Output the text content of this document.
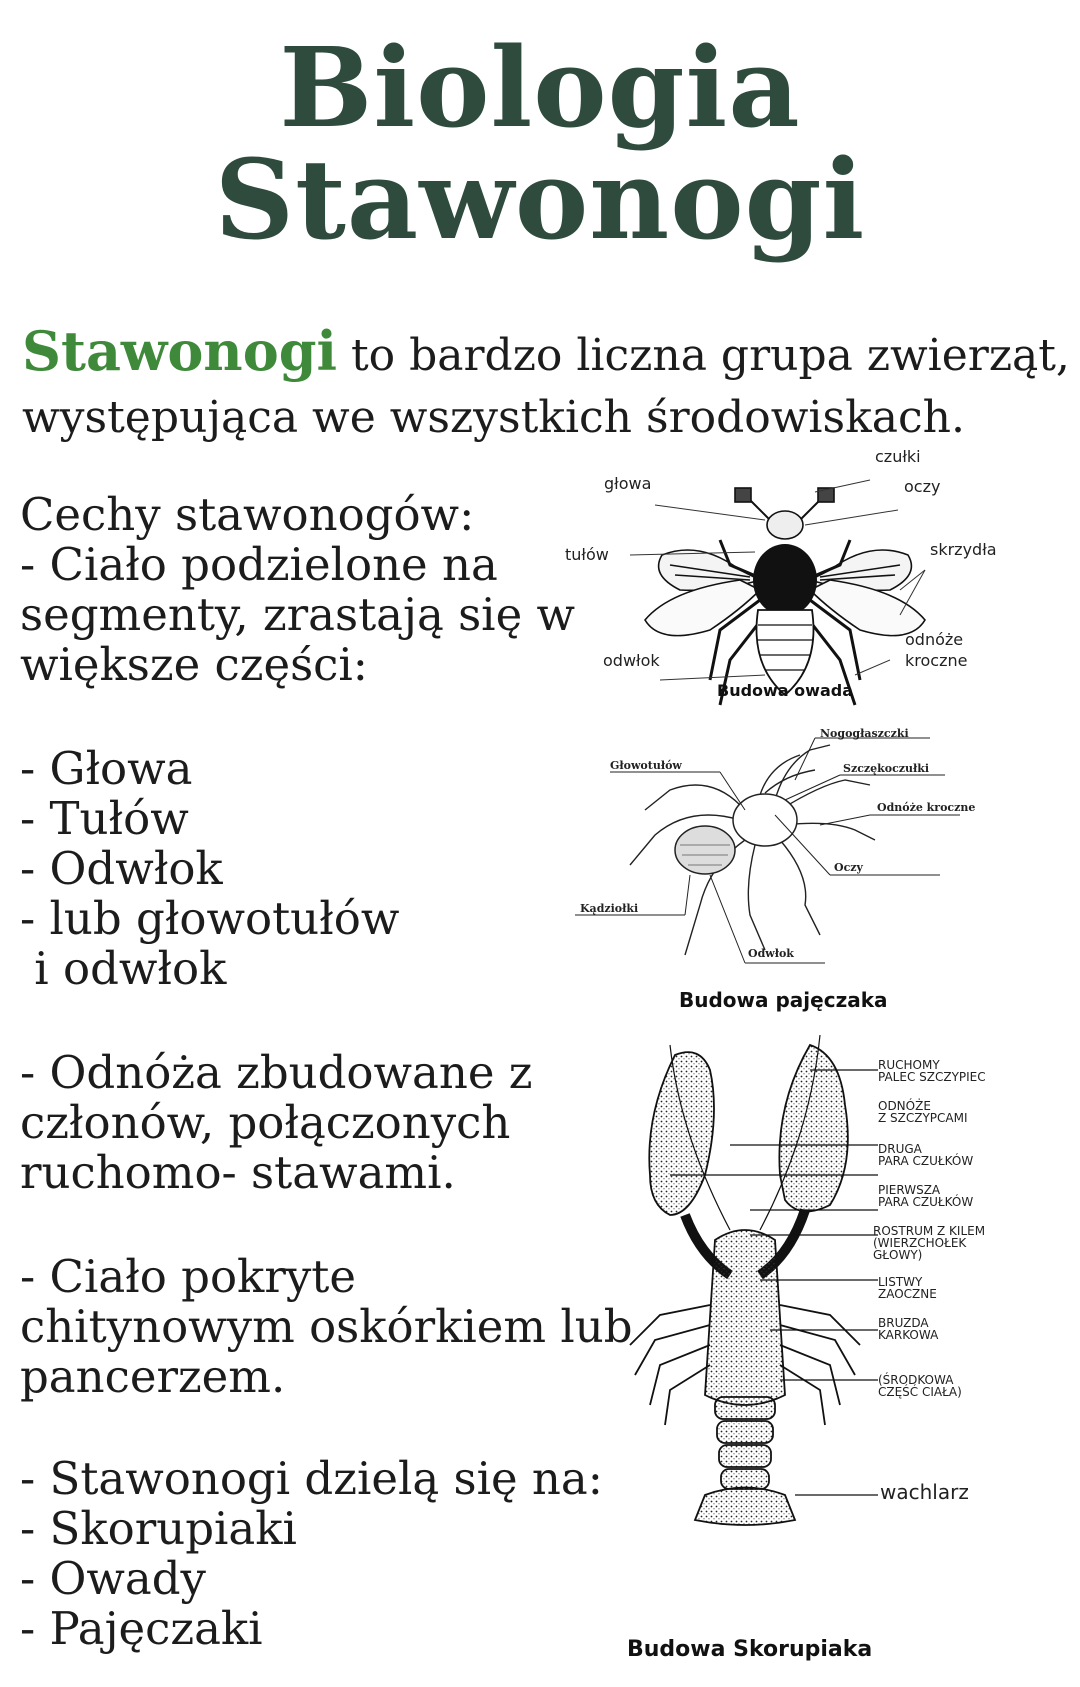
Biologia
Stawonogi
Stawonogi to bardzo liczna grupa zwierząt,
występująca we wszystkich środowiskach.
Cechy stawonogów:
- Ciało podzielone na
segmenty, zrastają się w
większe części:
- Głowa
- Tułów
- Odwłok
- lub głowotułów
i odwłok
- Odnóża zbudowane z
członów, połączonych
ruchomo- stawami.
- Ciało pokryte
chitynowym oskórkiem lub
pancerzem.
- Stawonogi dzielą się na:
- Skorupiaki
- Owady
- Pajęczaki
czułki
głowa	oczy
tułów	skrzydła
odnóże
kroczne
odwłok
Budowa owada
Nogogłaszczki
Głowotułów	Szczękoczułki
Odnóże kroczne
Oczy
Kądziołki
Odwłok
Budowa pajęczaka
RUCHOMY
PALEC SZCZYPIEC
ODNÓŻE
Z SZCZYPCAMI
DRUGA
PARA CZUŁKÓW
PIERWSZA
PARA CZUŁKÓW
ROSTRUM Z KILEM
(WIERZCHOŁEK
GŁOWY)
LISTWY
ZAOCZNE
BRUZDA
KARKOWA
(ŚRODKOWA
CZĘŚĆ CIAŁA)
wachlarz
Budowa Skorupiaka
